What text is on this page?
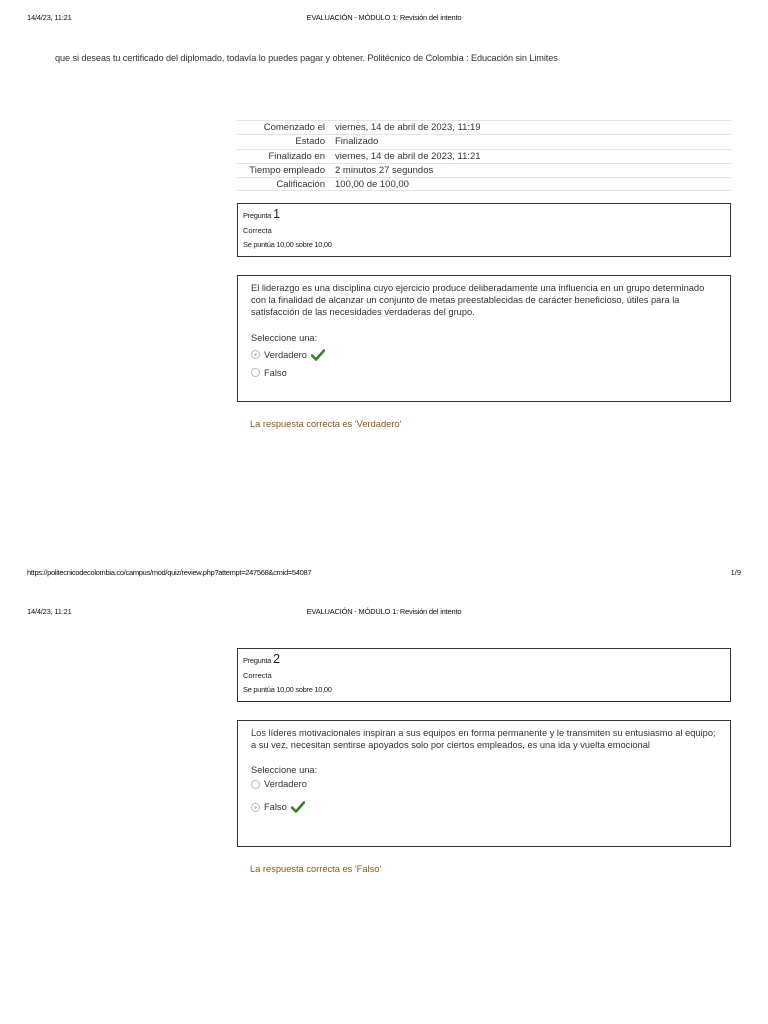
14/4/23, 11:21	EVALUACIÓN - MÓDULO 1: Revisión del intento
que si deseas tu certificado del diplomado, todavía lo puedes pagar y obtener. Politécnico de Colombia : Educación sin Limites
Comenzado el	viernes, 14 de abril de 2023, 11:19
Estado	Finalizado
Finalizado en	viernes, 14 de abril de 2023, 11:21
Tiempo empleado	2 minutos 27 segundos
Calificación	100,00 de 100,00
Pregunta 1
Correcta
Se puntúa 10,00 sobre 10,00
El liderazgo es una disciplina cuyo ejercicio produce deliberadamente una influencia en un grupo determinado con la finalidad de alcanzar un conjunto de metas preestablecidas de carácter beneficioso, útiles para la satisfacción de las necesidades verdaderas del grupo.
Seleccione una:
Verdadero
Falso
La respuesta correcta es 'Verdadero'
https://politecnicodecolombia.co/campus/mod/quiz/review.php?attempt=247568&cmid=54087	1/9
14/4/23, 11:21	EVALUACIÓN - MÓDULO 1: Revisión del intento
Pregunta 2
Correcta
Se puntúa 10,00 sobre 10,00
Los líderes motivacionales inspiran a sus equipos en forma permanente y le transmiten su entusiasmo al equipo; a su vez, necesitan sentirse apoyados solo por ciertos empleados, es una ida y vuelta emocional
Seleccione una:
Verdadero
Falso
La respuesta correcta es 'Falso'
